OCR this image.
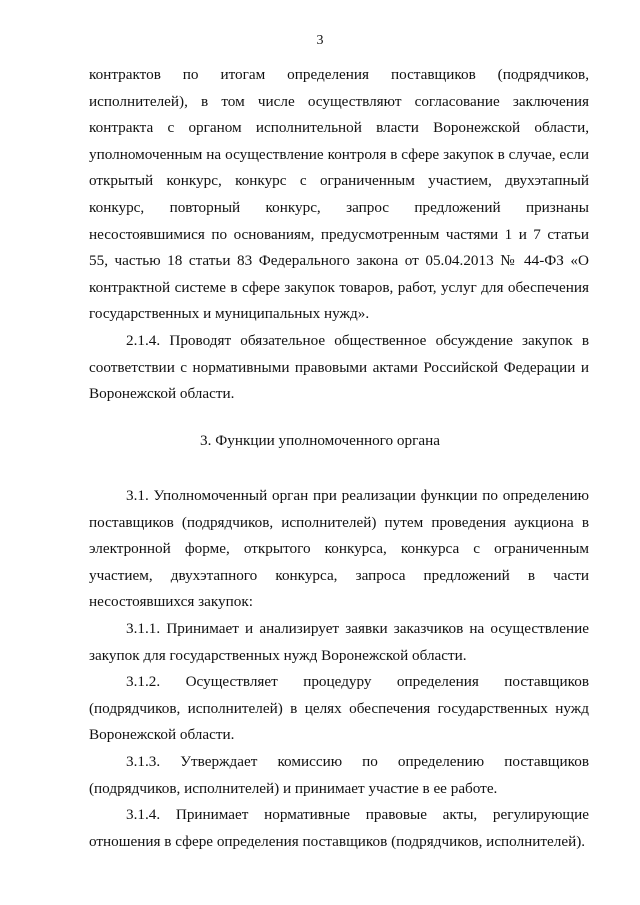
3

контрактов по итогам определения поставщиков (подрядчиков, исполнителей), в том числе осуществляют согласование заключения контракта с органом исполнительной власти Воронежской области, уполномоченным на осуществление контроля в сфере закупок в случае, если открытый конкурс, конкурс с ограниченным участием, двухэтапный конкурс, повторный конкурс, запрос предложений признаны несостоявшимися по основаниям, предусмотренным частями 1 и 7 статьи 55, частью 18 статьи 83 Федерального закона от 05.04.2013 № 44-ФЗ «О контрактной системе в сфере закупок товаров, работ, услуг для обеспечения государственных и муниципальных нужд».

2.1.4. Проводят обязательное общественное обсуждение закупок в соответствии с нормативными правовыми актами Российской Федерации и Воронежской области.

3. Функции уполномоченного органа

3.1. Уполномоченный орган при реализации функции по определению поставщиков (подрядчиков, исполнителей) путем проведения аукциона в электронной форме, открытого конкурса, конкурса с ограниченным участием, двухэтапного конкурса, запроса предложений в части несостоявшихся закупок:

3.1.1. Принимает и анализирует заявки заказчиков на осуществление закупок для государственных нужд Воронежской области.

3.1.2. Осуществляет процедуру определения поставщиков (подрядчиков, исполнителей) в целях обеспечения государственных нужд Воронежской области.

3.1.3. Утверждает комиссию по определению поставщиков (подрядчиков, исполнителей) и принимает участие в ее работе.

3.1.4. Принимает нормативные правовые акты, регулирующие отношения в сфере определения поставщиков (подрядчиков, исполнителей).
